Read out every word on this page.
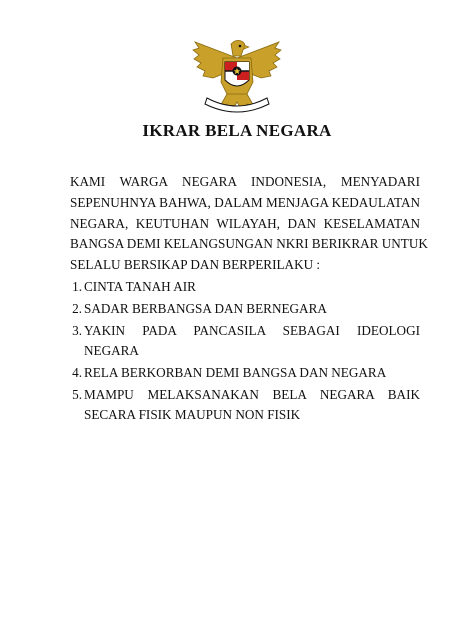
IKRAR BELA NEGARA
KAMI WARGA NEGARA INDONESIA, MENYADARI
SEPENUHNYA BAHWA, DALAM MENJAGA KEDAULATAN
NEGARA, KEUTUHAN WILAYAH, DAN KESELAMATAN
BANGSA DEMI KELANGSUNGAN NKRI BERIKRAR UNTUK
SELALU BERSIKAP DAN BERPERILAKU :
1. CINTA TANAH AIR
2. SADAR BERBANGSA DAN BERNEGARA
3. YAKIN PADA PANCASILA SEBAGAI IDEOLOGI
NEGARA
4. RELA BERKORBAN DEMI BANGSA DAN NEGARA
5. MAMPU MELAKSANAKAN BELA NEGARA BAIK
SECARA FISIK MAUPUN NON FISIK
